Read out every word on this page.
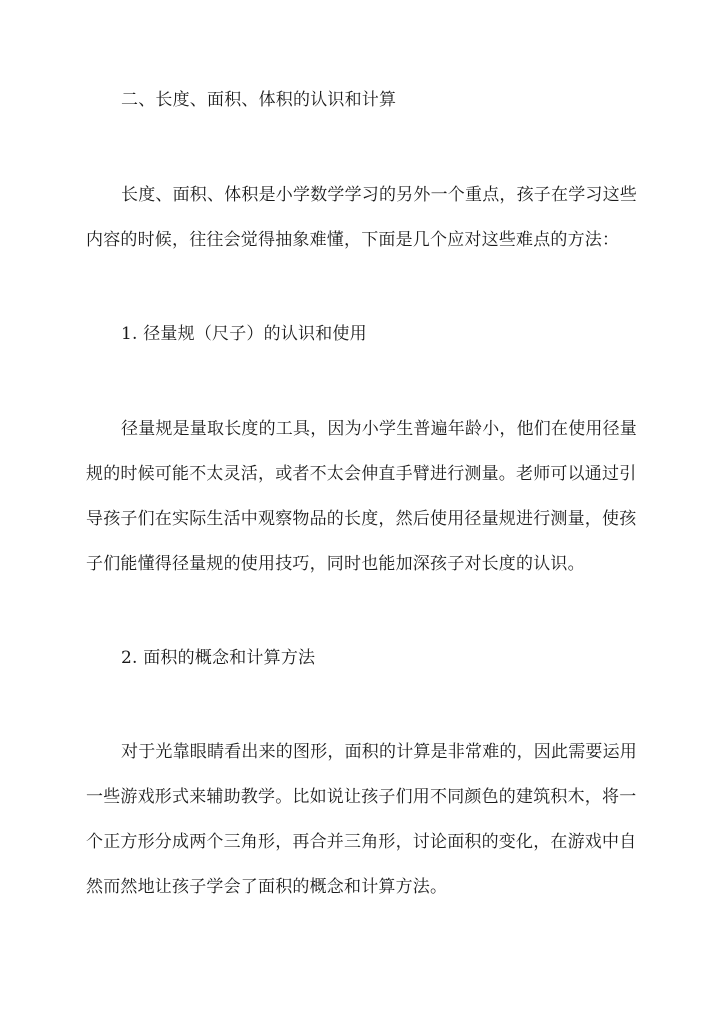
二、长度、面积、体积的认识和计算
长度、面积、体积是小学数学学习的另外一个重点，孩子在学习这些
内容的时候，往往会觉得抽象难懂，下面是几个应对这些难点的方法：
1. 径量规（尺子）的认识和使用
径量规是量取长度的工具，因为小学生普遍年龄小，他们在使用径量
规的时候可能不太灵活，或者不太会伸直手臂进行测量。老师可以通过引
导孩子们在实际生活中观察物品的长度，然后使用径量规进行测量，使孩
子们能懂得径量规的使用技巧，同时也能加深孩子对长度的认识。
2. 面积的概念和计算方法
对于光靠眼睛看出来的图形，面积的计算是非常难的，因此需要运用
一些游戏形式来辅助教学。比如说让孩子们用不同颜色的建筑积木，将一
个正方形分成两个三角形，再合并三角形，讨论面积的变化，在游戏中自
然而然地让孩子学会了面积的概念和计算方法。
